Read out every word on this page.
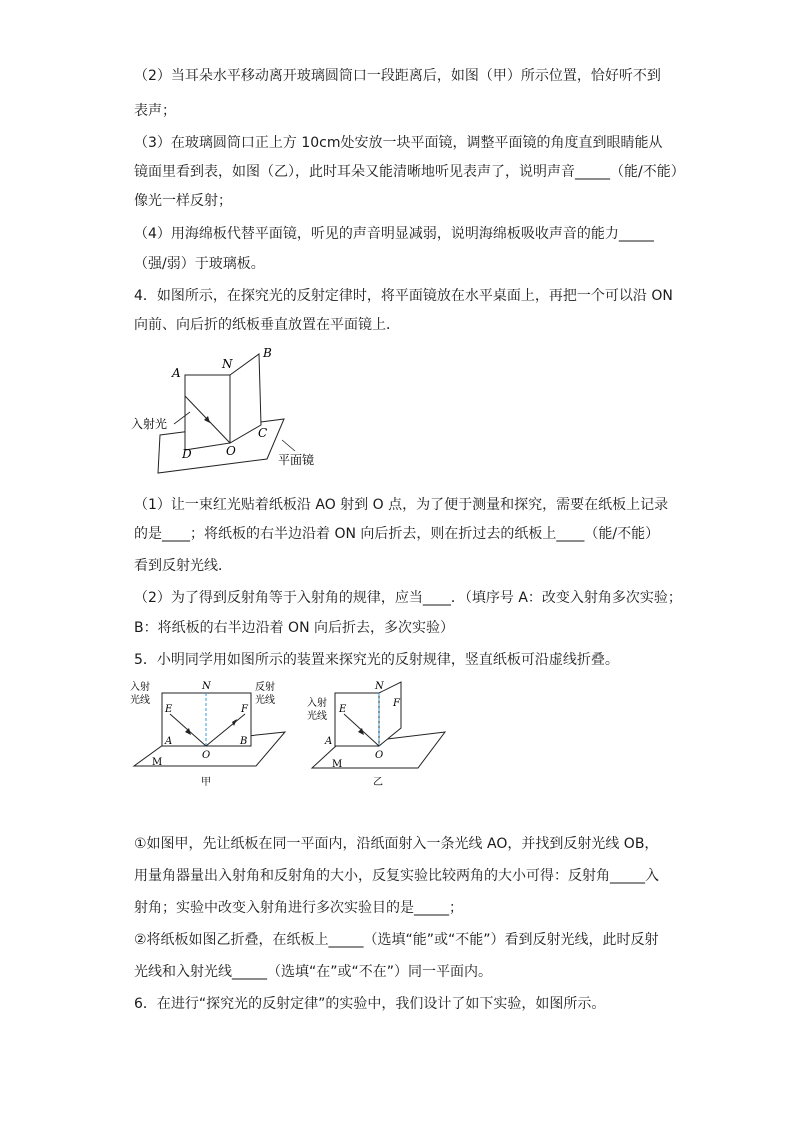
（2）当耳朵水平移动离开玻璃圆筒口一段距离后，如图（甲）所示位置，恰好听不到
表声；
（3）在玻璃圆筒口正上方 10cm处安放一块平面镜，调整平面镜的角度直到眼睛能从
镜面里看到表，如图（乙），此时耳朵又能清晰地听见表声了，说明声音_____（能/不能）
像光一样反射；
（4）用海绵板代替平面镜，听见的声音明显减弱，说明海绵板吸收声音的能力_____
（强/弱）于玻璃板。
4．如图所示，在探究光的反射定律时，将平面镜放在水平桌面上，再把一个可以沿 ON
向前、向后折的纸板垂直放置在平面镜上．
A
N
B
C
D	O
入射光
平面镜
（1）让一束红光贴着纸板沿 AO 射到 O 点，为了便于测量和探究，需要在纸板上记录
的是____；将纸板的右半边沿着 ON 向后折去，则在折过去的纸板上____（能/不能）
看到反射光线．
（2）为了得到反射角等于入射角的规律，应当____．（填序号 A：改变入射角多次实验；
B：将纸板的右半边沿着 ON 向后折去，多次实验）
5．小明同学用如图所示的装置来探究光的反射规律，竖直纸板可沿虚线折叠。
入射
光线
反射
光线
N
E	F
A
O
B
M
甲
入射
光线
N
E
F
A
O
M
乙
①如图甲，先让纸板在同一平面内，沿纸面射入一条光线 AO，并找到反射光线 OB，
用量角器量出入射角和反射角的大小，反复实验比较两角的大小可得：反射角_____入
射角；实验中改变入射角进行多次实验目的是_____；
②将纸板如图乙折叠，在纸板上_____（选填“能”或“不能”）看到反射光线，此时反射
光线和入射光线_____（选填“在”或“不在”）同一平面内。
6．在进行“探究光的反射定律”的实验中，我们设计了如下实验，如图所示。
